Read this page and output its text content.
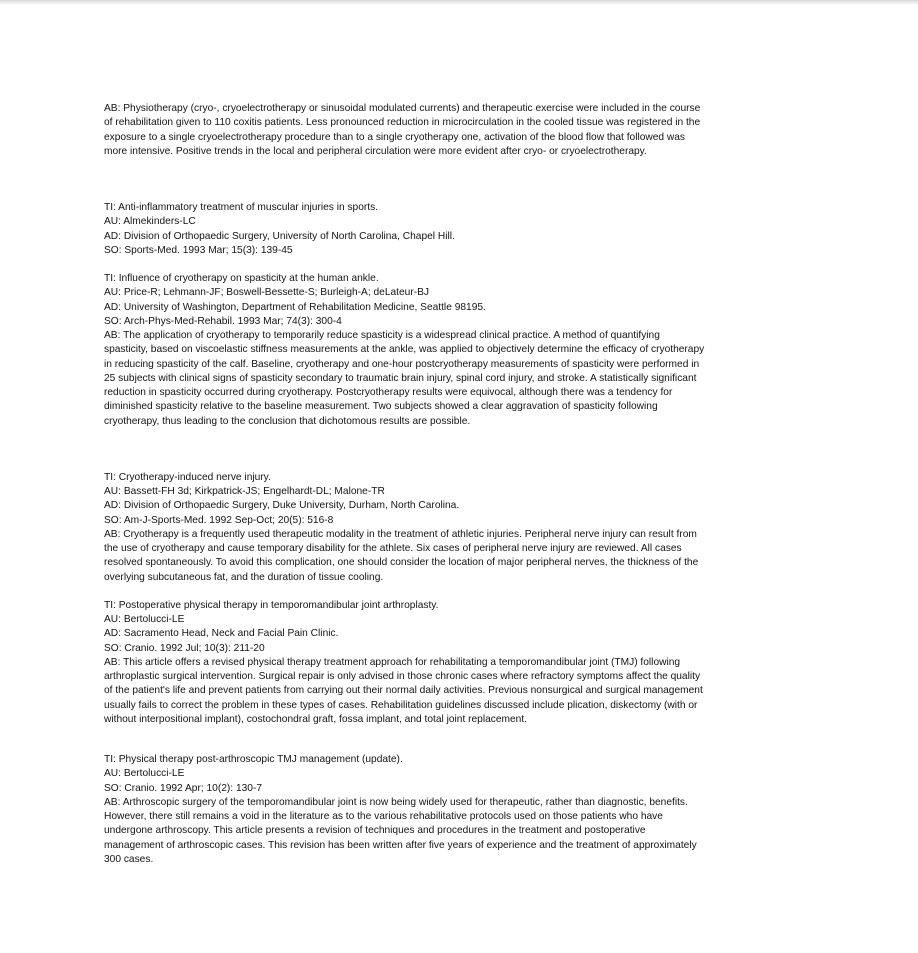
AB: Physiotherapy (cryo-, cryoelectrotherapy or sinusoidal modulated currents) and therapeutic exercise were included in the course
of rehabilitation given to 110 coxitis patients. Less pronounced reduction in microcirculation in the cooled tissue was registered in the
exposure to a single cryoelectrotherapy procedure than to a single cryotherapy one, activation of the blood flow that followed was
more intensive. Positive trends in the local and peripheral circulation were more evident after cryo- or cryoelectrotherapy.
TI: Anti-inflammatory treatment of muscular injuries in sports.
AU: Almekinders-LC
AD: Division of Orthopaedic Surgery, University of North Carolina, Chapel Hill.
SO: Sports-Med. 1993 Mar; 15(3): 139-45
TI: Influence of cryotherapy on spasticity at the human ankle.
AU: Price-R; Lehmann-JF; Boswell-Bessette-S; Burleigh-A; deLateur-BJ
AD: University of Washington, Department of Rehabilitation Medicine, Seattle 98195.
SO: Arch-Phys-Med-Rehabil. 1993 Mar; 74(3): 300-4
AB: The application of cryotherapy to temporarily reduce spasticity is a widespread clinical practice. A method of quantifying
spasticity, based on viscoelastic stiffness measurements at the ankle, was applied to objectively determine the efficacy of cryotherapy
in reducing spasticity of the calf. Baseline, cryotherapy and one-hour postcryotherapy measurements of spasticity were performed in
25 subjects with clinical signs of spasticity secondary to traumatic brain injury, spinal cord injury, and stroke. A statistically significant
reduction in spasticity occurred during cryotherapy. Postcryotherapy results were equivocal, although there was a tendency for
diminished spasticity relative to the baseline measurement. Two subjects showed a clear aggravation of spasticity following
cryotherapy, thus leading to the conclusion that dichotomous results are possible.
TI: Cryotherapy-induced nerve injury.
AU: Bassett-FH 3d; Kirkpatrick-JS; Engelhardt-DL; Malone-TR
AD: Division of Orthopaedic Surgery, Duke University, Durham, North Carolina.
SO: Am-J-Sports-Med. 1992 Sep-Oct; 20(5): 516-8
AB: Cryotherapy is a frequently used therapeutic modality in the treatment of athletic injuries. Peripheral nerve injury can result from
the use of cryotherapy and cause temporary disability for the athlete. Six cases of peripheral nerve injury are reviewed. All cases
resolved spontaneously. To avoid this complication, one should consider the location of major peripheral nerves, the thickness of the
overlying subcutaneous fat, and the duration of tissue cooling.
TI: Postoperative physical therapy in temporomandibular joint arthroplasty.
AU: Bertolucci-LE
AD: Sacramento Head, Neck and Facial Pain Clinic.
SO: Cranio. 1992 Jul; 10(3): 211-20
AB: This article offers a revised physical therapy treatment approach for rehabilitating a temporomandibular joint (TMJ) following
arthroplastic surgical intervention. Surgical repair is only advised in those chronic cases where refractory symptoms affect the quality
of the patient's life and prevent patients from carrying out their normal daily activities. Previous nonsurgical and surgical management
usually fails to correct the problem in these types of cases. Rehabilitation guidelines discussed include plication, diskectomy (with or
without interpositional implant), costochondral graft, fossa implant, and total joint replacement.
TI: Physical therapy post-arthroscopic TMJ management (update).
AU: Bertolucci-LE
SO: Cranio. 1992 Apr; 10(2): 130-7
AB: Arthroscopic surgery of the temporomandibular joint is now being widely used for therapeutic, rather than diagnostic, benefits.
However, there still remains a void in the literature as to the various rehabilitative protocols used on those patients who have
undergone arthroscopy. This article presents a revision of techniques and procedures in the treatment and postoperative
management of arthroscopic cases. This revision has been written after five years of experience and the treatment of approximately
300 cases.
